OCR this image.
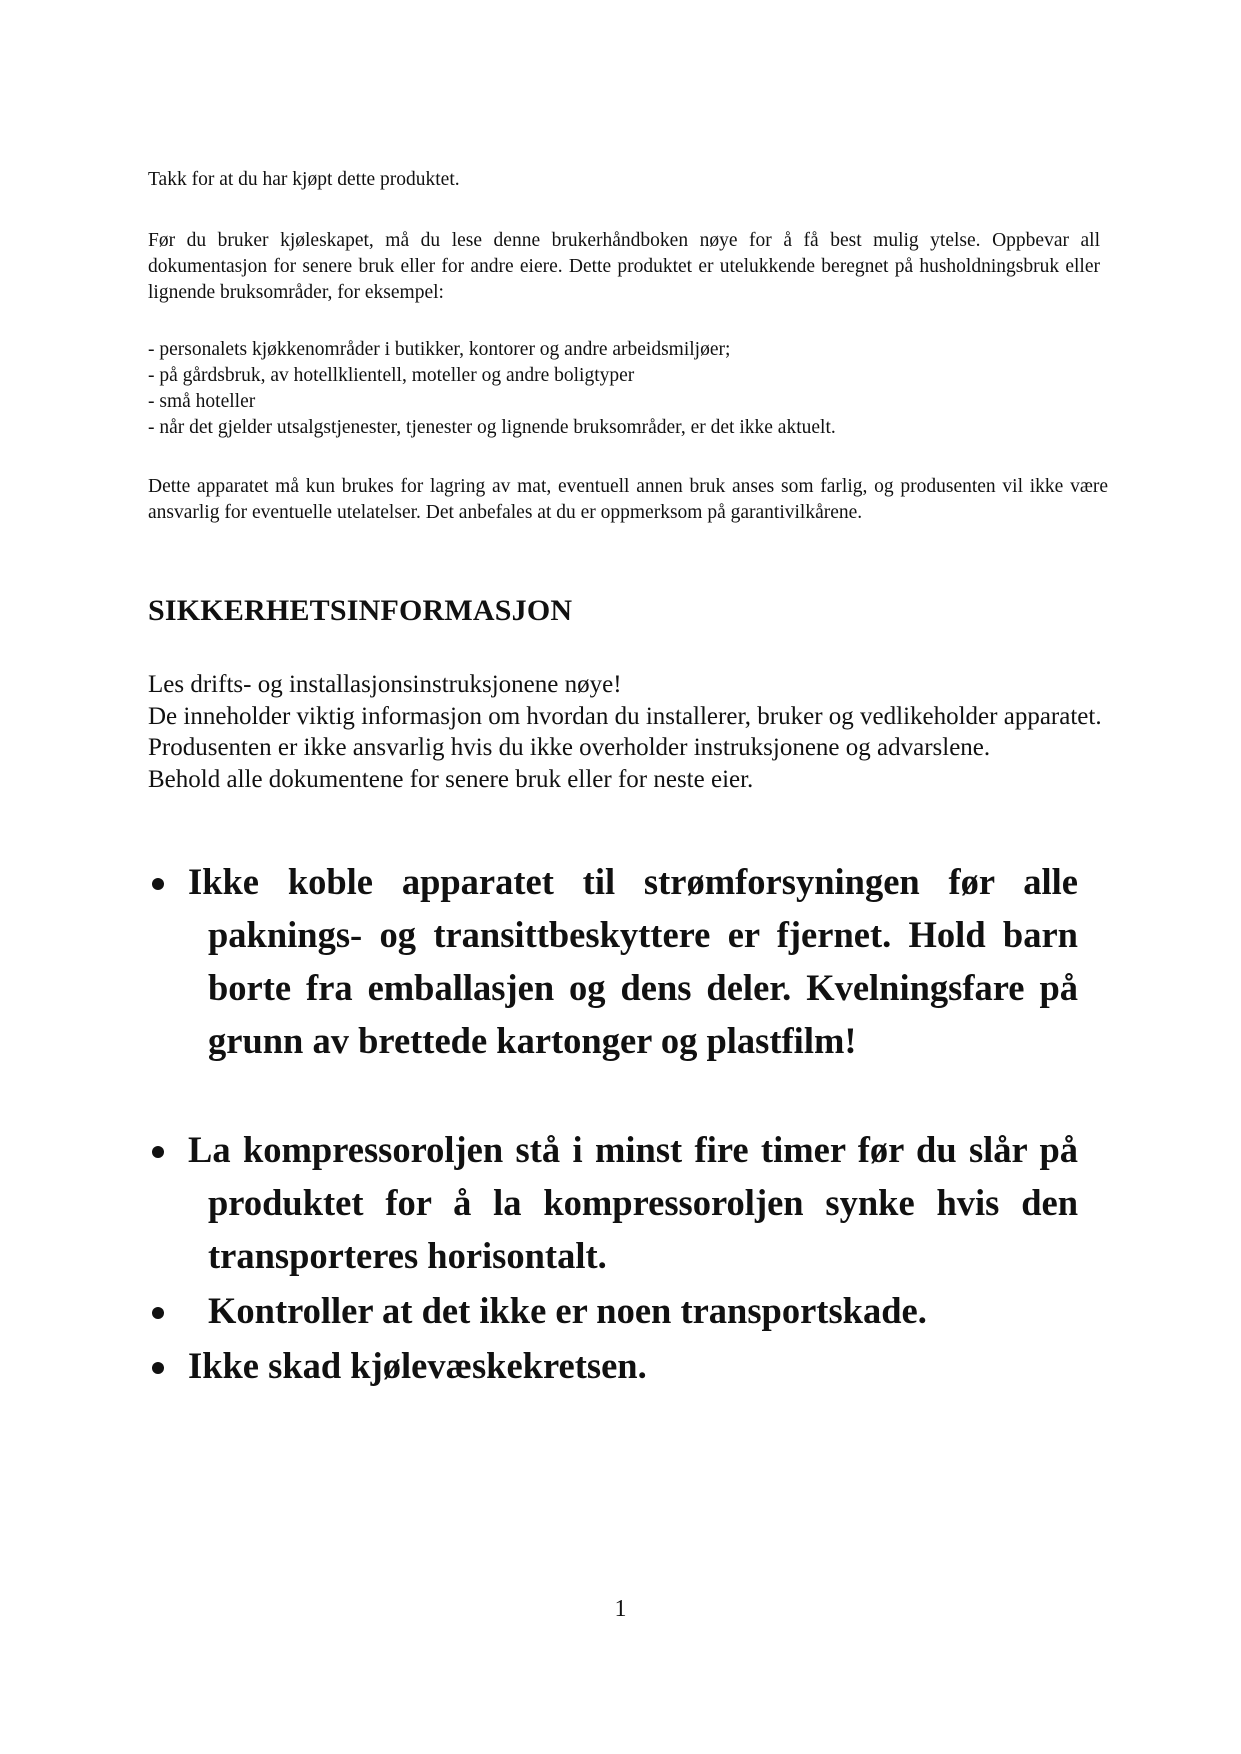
Takk for at du har kjøpt dette produktet.

Før du bruker kjøleskapet, må du lese denne brukerhåndboken nøye for å få best mulig ytelse. Oppbevar all dokumentasjon for senere bruk eller for andre eiere. Dette produktet er utelukkende beregnet på husholdningsbruk eller lignende bruksområder, for eksempel:

- personalets kjøkkenområder i butikker, kontorer og andre arbeidsmiljøer;

- på gårdsbruk, av hotellklientell, moteller og andre boligtyper

- små hoteller

- når det gjelder utsalgstjenester, tjenester og lignende bruksområder, er det ikke aktuelt.

Dette apparatet må kun brukes for lagring av mat, eventuell annen bruk anses som farlig, og produsenten vil ikke være ansvarlig for eventuelle utelatelser. Det anbefales at du er oppmerksom på garantivilkårene.

SIKKERHETSINFORMASJON

Les drifts- og installasjonsinstruksjonene nøye!

De inneholder viktig informasjon om hvordan du installerer, bruker og vedlikeholder apparatet.

Produsenten er ikke ansvarlig hvis du ikke overholder instruksjonene og advarslene.

Behold alle dokumentene for senere bruk eller for neste eier.

Ikke koble apparatet til strømforsyningen før alle paknings- og transittbeskyttere er fjernet. Hold barn borte fra emballasjen og dens deler. Kvelningsfare på grunn av brettede kartonger og plastfilm!
La kompressoroljen stå i minst fire timer før du slår på produktet for å la kompressoroljen synke hvis den transporteres horisontalt.
Kontroller at det ikke er noen transportskade.
Ikke skad kjølevæskekretsen.
1
